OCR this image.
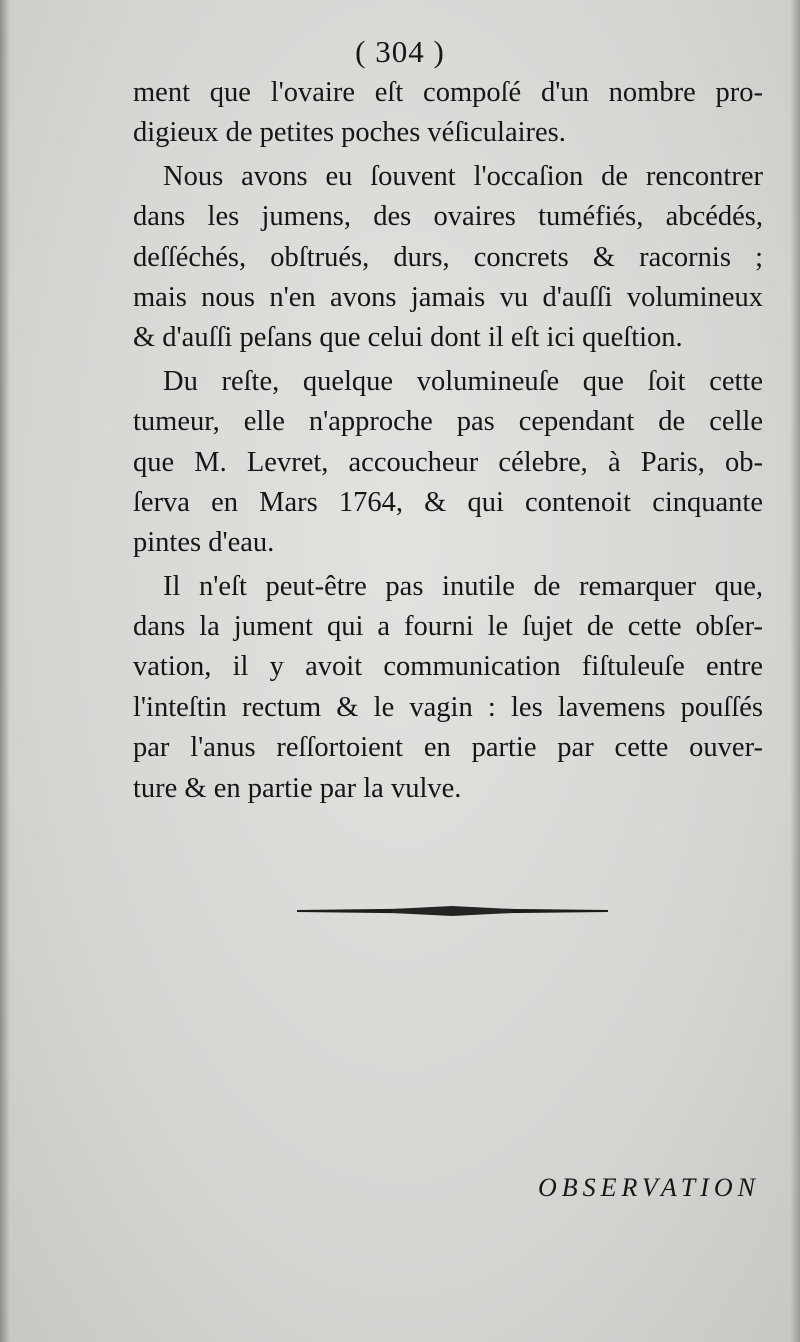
( 304 )
ment que l'ovaire eſt compoſé d'un nombre pro-
digieux de petites poches véſiculaires.
Nous avons eu ſouvent l'occaſion de rencontrer
dans les jumens, des ovaires tuméfiés, abcédés,
deſſéchés, obſtrués, durs, concrets & racornis ;
mais nous n'en avons jamais vu d'auſſi volumineux
& d'auſſi peſans que celui dont il eſt ici queſtion.
Du reſte, quelque volumineuſe que ſoit cette
tumeur, elle n'approche pas cependant de celle
que M. Levret, accoucheur célebre, à Paris, ob-
ſerva en Mars 1764, & qui contenoit cinquante
pintes d'eau.
Il n'eſt peut-être pas inutile de remarquer que,
dans la jument qui a fourni le ſujet de cette obſer-
vation, il y avoit communication fiſtuleuſe entre
l'inteſtin rectum & le vagin : les lavemens pouſſés
par l'anus reſſortoient en partie par cette ouver-
ture & en partie par la vulve.
OBSERVATION
